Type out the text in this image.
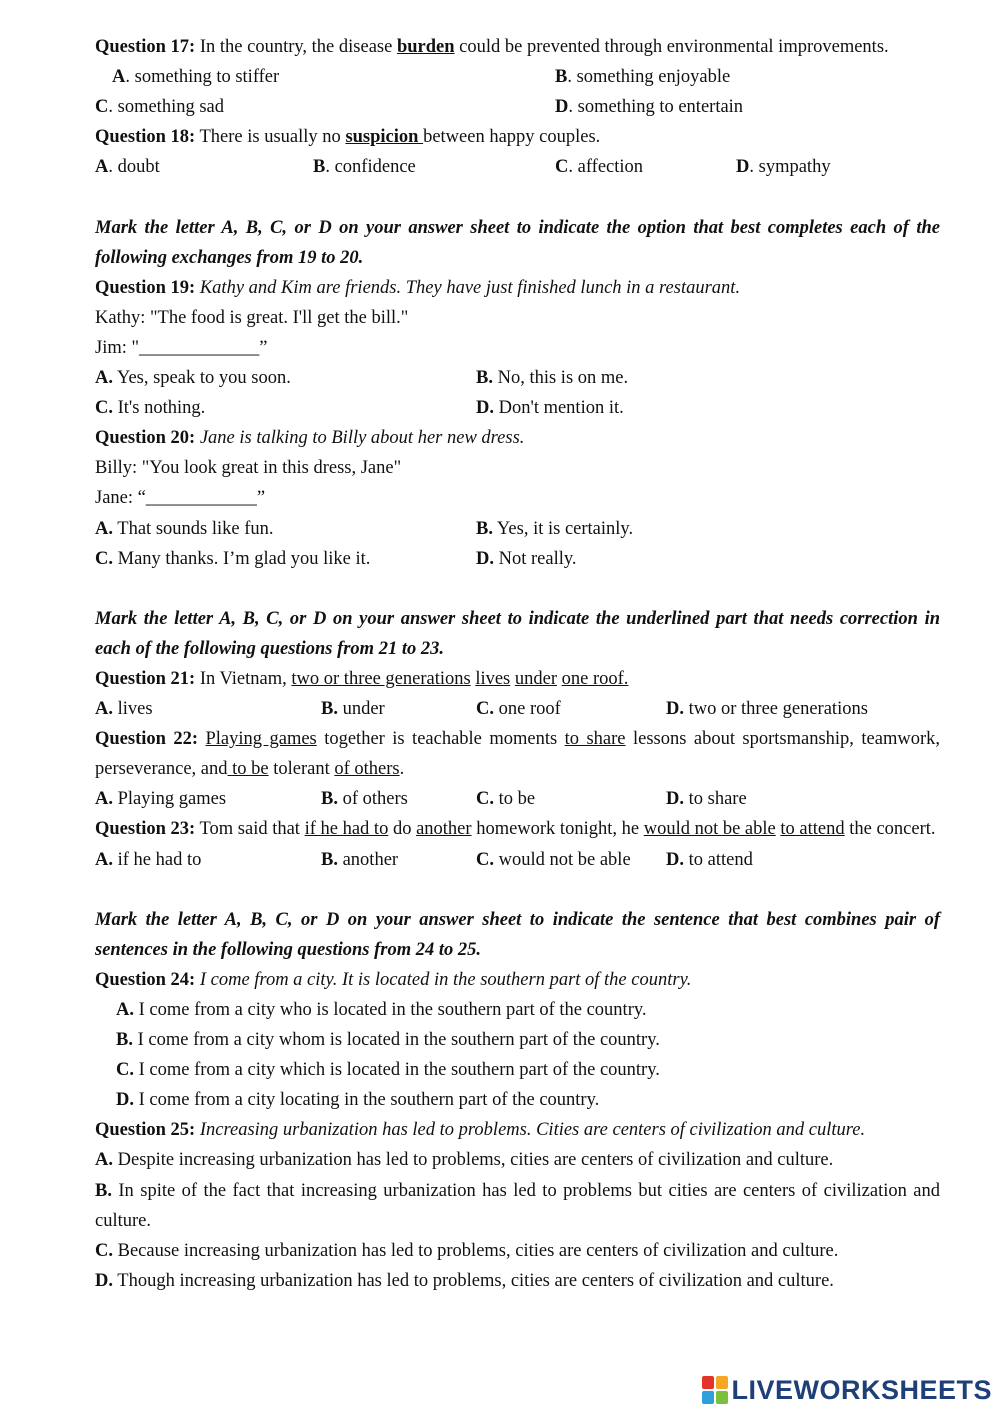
Question 17: In the country, the disease burden could be prevented through environmental improvements.
A. something to stiffer	B. something enjoyable
C. something sad	D. something to entertain
Question 18: There is usually no suspicion between happy couples.
A. doubt	B. confidence	C. affection	D. sympathy
Mark the letter A, B, C, or D on your answer sheet to indicate the option that best completes each of the following exchanges from 19 to 20.
Question 19: Kathy and Kim are friends. They have just finished lunch in a restaurant.
Kathy: "The food is great. I'll get the bill."
Jim: "_____________”
A. Yes, speak to you soon.	B. No, this is on me.
C. It's nothing.	D. Don't mention it.
Question 20: Jane is talking to Billy about her new dress.
Billy: "You look great in this dress, Jane"
Jane: “____________”
A. That sounds like fun.	B. Yes, it is certainly.
C. Many thanks. I’m glad you like it.	D. Not really.
Mark the letter A, B, C, or D on your answer sheet to indicate the underlined part that needs correction in each of the following questions from 21 to 23.
Question 21: In Vietnam, two or three generations lives under one roof.
A. lives	B. under	C. one roof	D. two or three generations
Question 22: Playing games together is teachable moments to share lessons about sportsmanship, teamwork, perseverance, and to be tolerant of others.
A. Playing games	B. of others	C. to be	D. to share
Question 23: Tom said that if he had to do another homework tonight, he would not be able to attend the concert.
A. if he had to	B. another	C. would not be able D. to attend
Mark the letter A, B, C, or D on your answer sheet to indicate the sentence that best combines pair of sentences in the following questions from 24 to 25.
Question 24: I come from a city. It is located in the southern part of the country.
A. I come from a city who is located in the southern part of the country.
B. I come from a city whom is located in the southern part of the country.
C. I come from a city which is located in the southern part of the country.
D. I come from a city locating in the southern part of the country.
Question 25: Increasing urbanization has led to problems. Cities are centers of civilization and culture.
A. Despite increasing urbanization has led to problems, cities are centers of civilization and culture.
B. In spite of the fact that increasing urbanization has led to problems but cities are centers of civilization and culture.
C. Because increasing urbanization has led to problems, cities are centers of civilization and culture.
D. Though increasing urbanization has led to problems, cities are centers of civilization and culture.
LIVEWORKSHEETS
